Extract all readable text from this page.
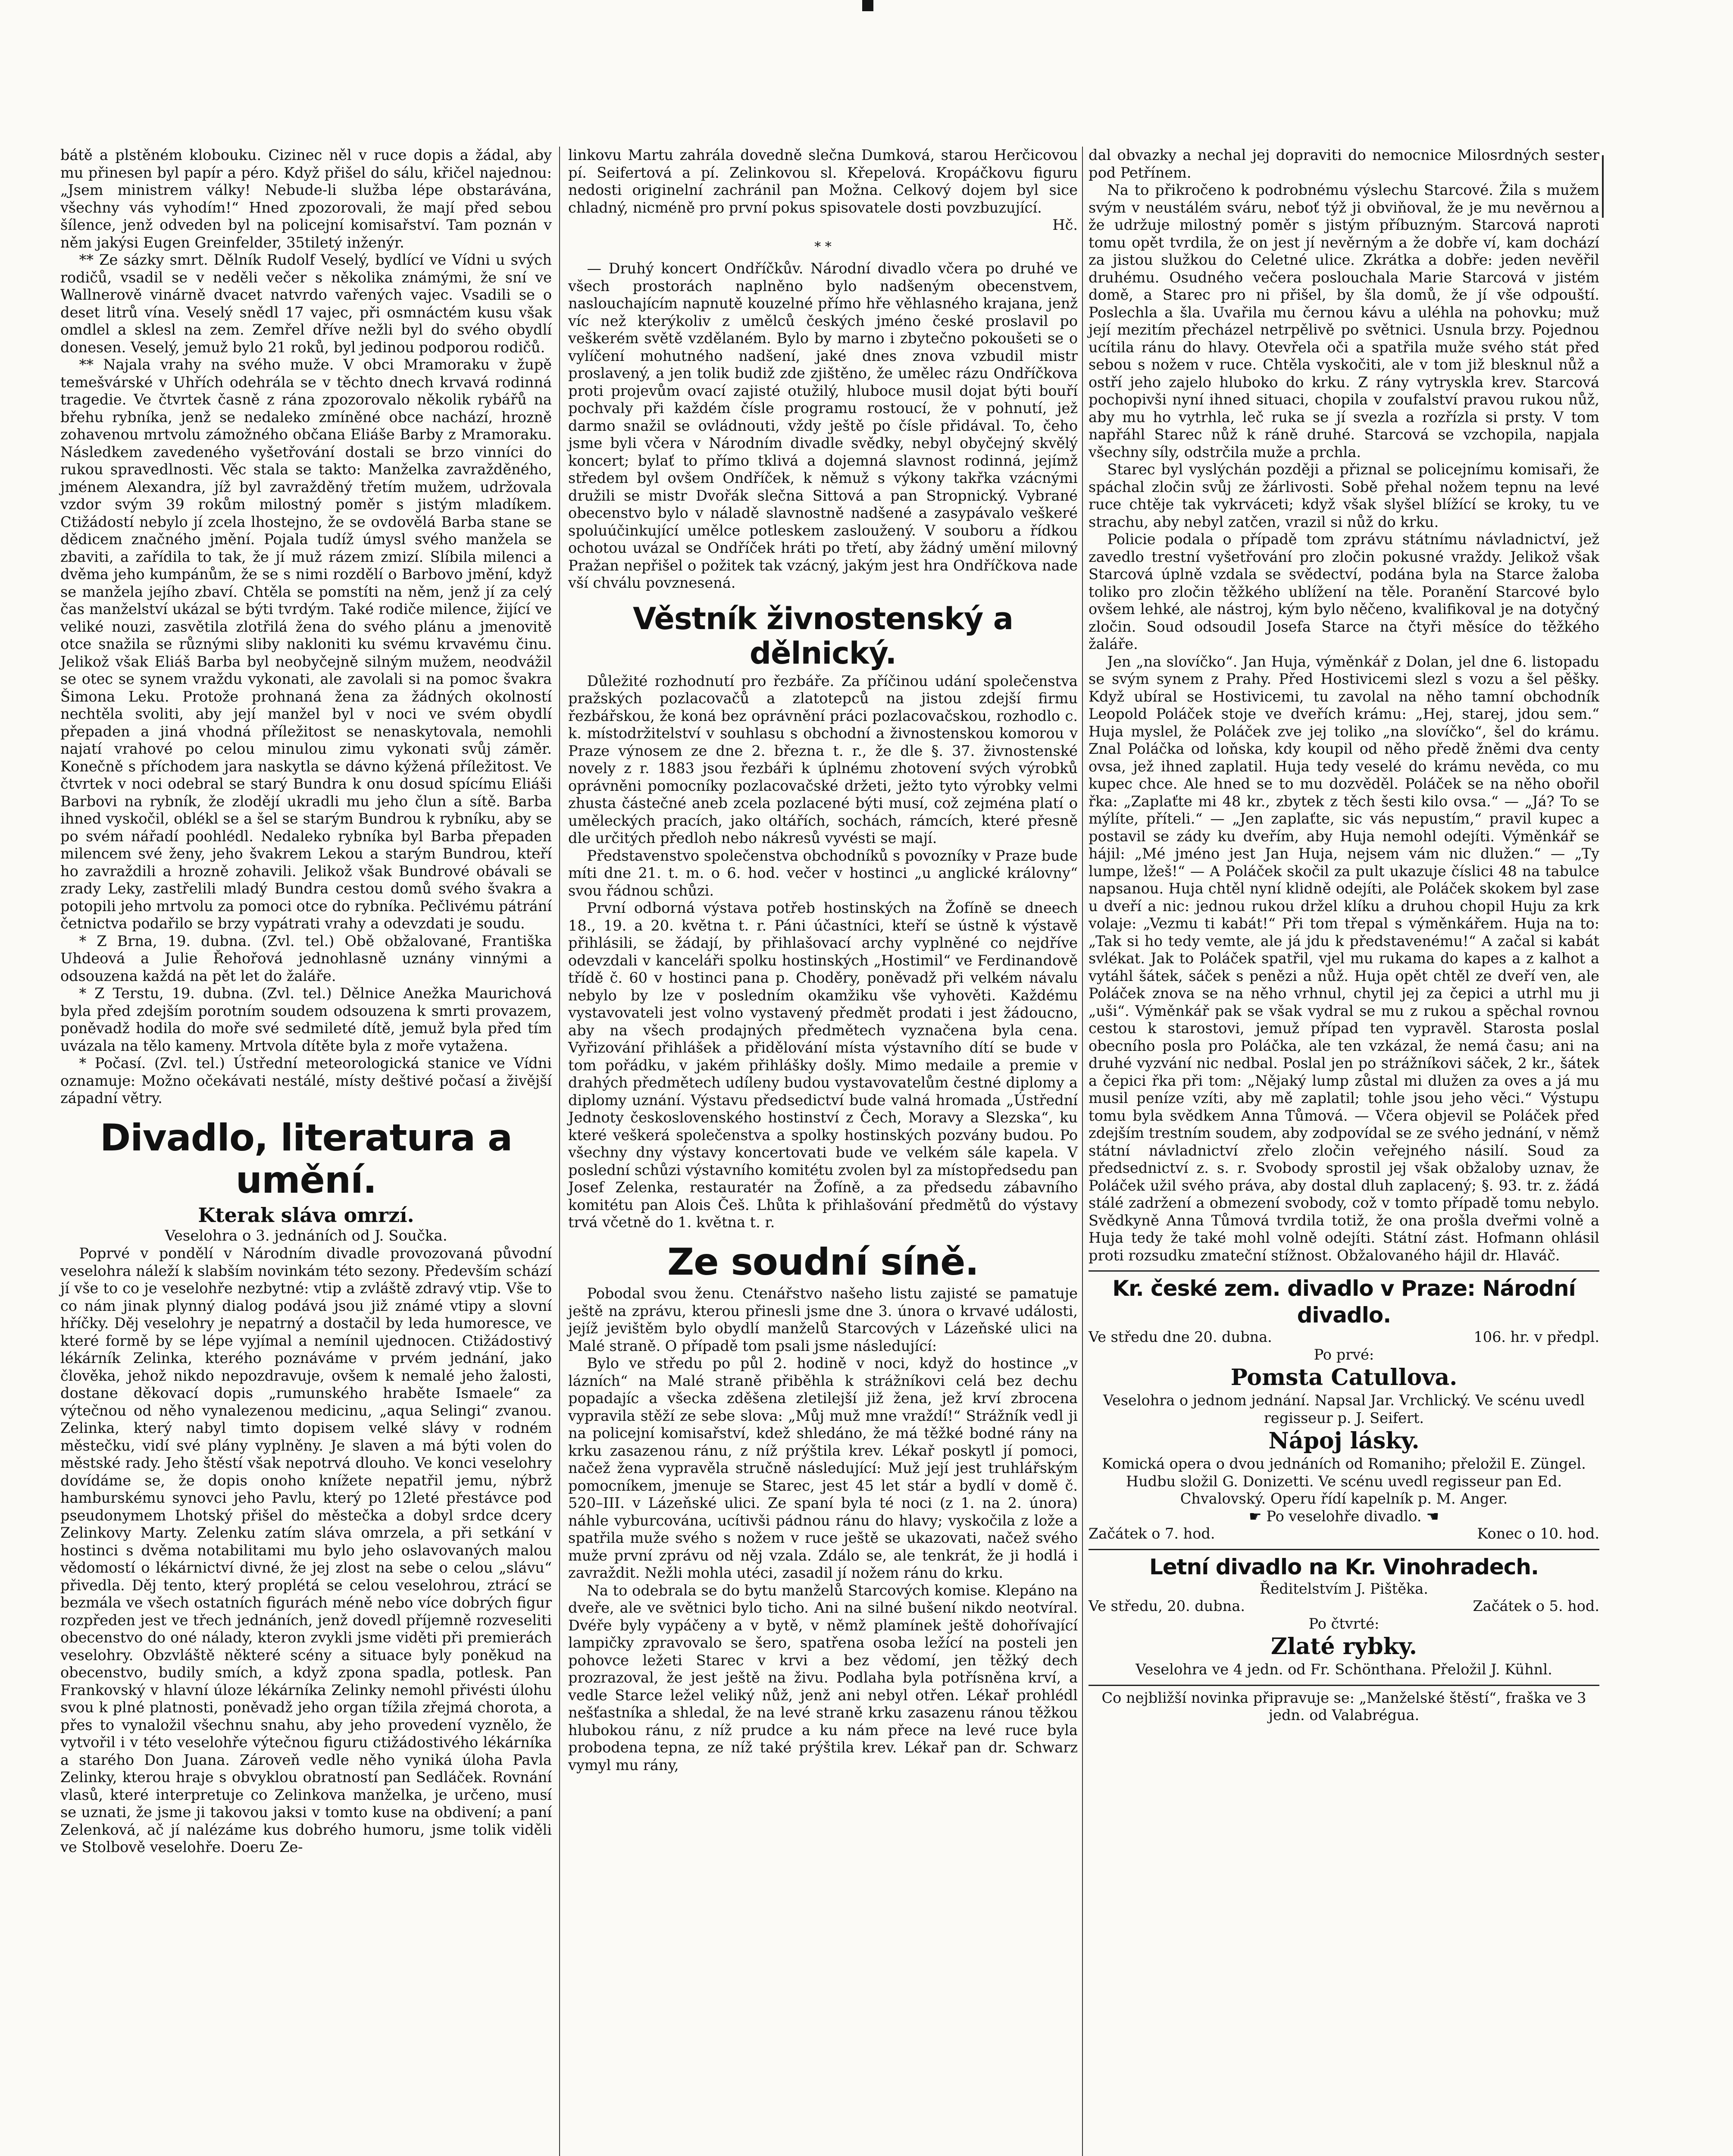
bátě a plstěném klobouku. Cizinec něl v ruce dopis a žádal, aby mu přinesen byl papír a péro. Když přišel do sálu, křičel najednou: „Jsem ministrem války! Nebude-li služba lépe obstarávána, všechny vás vyhodím!“ Hned zpozorovali, že mají před sebou šílence, jenž odveden byl na policejní komisařství. Tam poznán v něm jakýsi Eugen Greinfelder, 35tiletý inženýr.

** Ze sázky smrt. Dělník Rudolf Veselý, bydlící ve Vídni u svých rodičů, vsadil se v neděli večer s několika známými, že sní ve Wallnerově vinárně dvacet natvrdo vařených vajec. Vsadili se o deset litrů vína. Veselý snědl 17 vajec, při osmnáctém kusu však omdlel a sklesl na zem. Zemřel dříve nežli byl do svého obydlí donesen. Veselý, jemuž bylo 21 roků, byl jedinou podporou rodičů.

** Najala vrahy na svého muže. V obci Mramoraku v župě temešvárské v Uhřích odehrála se v těchto dnech krvavá rodinná tragedie. Ve čtvrtek časně z rána zpozorovalo několik rybářů na břehu rybníka, jenž se nedaleko zmíněné obce nachází, hrozně zohavenou mrtvolu zámožného občana Eliáše Barby z Mramoraku. Následkem zavedeného vyšetřování dostali se brzo vinníci do rukou spravedlnosti. Věc stala se takto: Manželka zavražděného, jménem Alexandra, jíž byl zavražděný třetím mužem, udržovala vzdor svým 39 rokům milostný poměr s jistým mladíkem. Ctižádostí nebylo jí zcela lhostejno, že se ovdovělá Barba stane se dědicem značného jmění. Pojala tudíž úmysl svého manžela se zbaviti, a zařídila to tak, že jí muž rázem zmizí. Slíbila milenci a dvěma jeho kumpánům, že se s nimi rozdělí o Barbovo jmění, když se manžela jejího zbaví. Chtěla se pomstíti na něm, jenž jí za celý čas manželství ukázal se býti tvrdým. Také rodiče milence, žijící ve veliké nouzi, zasvětila zlotřilá žena do svého plánu a jmenovitě otce snažila se různými sliby nakloniti ku svému krvavému činu. Jelikož však Eliáš Barba byl neobyčejně silným mužem, neodvážil se otec se synem vraždu vykonati, ale zavolali si na pomoc švakra Šimona Leku. Protože prohnaná žena za žádných okolností nechtěla svoliti, aby její manžel byl v noci ve svém obydlí přepaden a jiná vhodná příležitost se nenaskytovala, nemohli najatí vrahové po celou minulou zimu vykonati svůj záměr. Konečně s příchodem jara naskytla se dávno kýžená příležitost. Ve čtvrtek v noci odebral se starý Bundra k onu dosud spícímu Eliáši Barbovi na rybník, že zlodějí ukradli mu jeho člun a sítě. Barba ihned vyskočil, oblékl se a šel se starým Bundrou k rybníku, aby se po svém nářadí poohlédl. Nedaleko rybníka byl Barba přepaden milencem své ženy, jeho švakrem Lekou a starým Bundrou, kteří ho zavraždili a hrozně zohavili. Jelikož však Bundrové obávali se zrady Leky, zastřelili mladý Bundra cestou domů svého švakra a potopili jeho mrtvolu za pomoci otce do rybníka. Pečlivému pátrání četnictva podařilo se brzy vypátrati vrahy a odevzdati je soudu.

* Z Brna, 19. dubna. (Zvl. tel.) Obě obžalované, Františka Uhdeová a Julie Řehořová jednohlasně uznány vinnými a odsouzena každá na pět let do žaláře.

* Z Terstu, 19. dubna. (Zvl. tel.) Dělnice Anežka Maurichová byla před zdejším porotním soudem odsouzena k smrti provazem, poněvadž hodila do moře své sedmileté dítě, jemuž byla před tím uvázala na tělo kameny. Mrtvola dítěte byla z moře vytažena.

* Počasí. (Zvl. tel.) Ústřední meteorologická stanice ve Vídni oznamuje: Možno očekávati nestálé, místy deštivé počasí a živější západní větry.

Divadlo, literatura a umění.
Kterak sláva omrzí.
Veselohra o 3. jednáních od J. Součka.

Poprvé v pondělí v Národním divadle provozovaná původní veselohra náleží k slabším novinkám této sezony. Především schází jí vše to co je veselohře nezbytné: vtip a zvláště zdravý vtip. Vše to co nám jinak plynný dialog podává jsou již známé vtipy a slovní hříčky. Děj veselohry je nepatrný a dostačil by leda humoresce, ve které formě by se lépe vyjímal a nemínil ujednocen. Ctižádostivý lékárník Zelinka, kterého poznáváme v prvém jednání, jako člověka, jehož nikdo nepozdravuje, ovšem k nemalé jeho žalosti, dostane děkovací dopis „rumunského hraběte Ismaele“ za výtečnou od něho vynalezenou medicinu, „aqua Selingi“ zvanou. Zelinka, který nabyl timto dopisem velké slávy v rodném městečku, vidí své plány vyplněny. Je slaven a má býti volen do městské rady. Jeho štěstí však nepotrvá dlouho. Ve konci veselohry dovídáme se, že dopis onoho knížete nepatřil jemu, nýbrž hamburskému synovci jeho Pavlu, který po 12leté přestávce pod pseudonymem Lhotský přišel do městečka a dobyl srdce dcery Zelinkovy Marty. Zelenku zatím sláva omrzela, a při setkání v hostinci s dvěma notabilitami mu bylo jeho oslavovaných malou vědomostí o lékárnictví divné, že jej zlost na sebe o celou „slávu“ přivedla. Děj tento, který proplétá se celou veselohrou, ztrácí se bezmála ve všech ostatních figurách méně nebo více dobrých figur rozpředen jest ve třech jednáních, jenž dovedl příjemně rozveseliti obecenstvo do oné nálady, kteron zvykli jsme viděti při premierách veselohry. Obzvláště některé scény a situace byly poněkud na obecenstvo, budily smích, a když zpona spadla, potlesk. Pan Frankovský v hlavní úloze lékárníka Zelinky nemohl přivésti úlohu svou k plné platnosti, poněvadž jeho organ tížila zřejmá chorota, a přes to vynaložil všechnu snahu, aby jeho provedení vyznělo, že vytvořil i v této veselohře výtečnou figuru ctižádostivého lékárníka a starého Don Juana. Zároveň vedle něho vyniká úloha Pavla Zelinky, kterou hraje s obvyklou obratností pan Sedláček. Rovnání vlasů, které interpretuje co Zelinkova manželka, je určeno, musí se uznati, že jsme ji takovou jaksi v tomto kuse na obdivení; a paní Zelenková, ač jí nalézáme kus dobrého humoru, jsme tolik viděli ve Stolbově veselohře. Doeru Ze-

linkovu Martu zahrála dovedně slečna Dumková, starou Herčicovou pí. Seifertová a pí. Zelinkovou sl. Křepelová. Kropáčkovu figuru nedosti originelní zachránil pan Možna. Celkový dojem byl sice chladný, nicméně pro první pokus spisovatele dosti povzbuzující.

Hč.
* *

— Druhý koncert Ondříčkův. Národní divadlo včera po druhé ve všech prostorách naplněno bylo nadšeným obecenstvem, naslouchajícím napnutě kouzelné přímo hře věhlasného krajana, jenž víc než kterýkoliv z umělců českých jméno české proslavil po veškerém světě vzdělaném. Bylo by marno i zbytečno pokoušeti se o vylíčení mohutného nadšení, jaké dnes znova vzbudil mistr proslavený, a jen tolik budiž zde zjištěno, že umělec rázu Ondříčkova proti projevům ovací zajisté otužilý, hluboce musil dojat býti bouří pochvaly při každém čísle programu rostoucí, že v pohnutí, jež darmo snažil se ovládnouti, vždy ještě po čísle přidával. To, čeho jsme byli včera v Národním divadle svědky, nebyl obyčejný skvělý koncert; bylať to přímo tklivá a dojemná slavnost rodinná, jejímž středem byl ovšem Ondříček, k němuž s výkony takřka vzácnými družili se mistr Dvořák slečna Sittová a pan Stropnický. Vybrané obecenstvo bylo v náladě slavnostně nadšené a zasypávalo veškeré spoluúčinkující umělce potleskem zasloužený. V souboru a řídkou ochotou uvázal se Ondříček hráti po třetí, aby žádný umění milovný Pražan nepřišel o požitek tak vzácný, jakým jest hra Ondříčkova nade vší chválu povznesená.

Věstník živnostenský a dělnický.

Důležité rozhodnutí pro řezbáře. Za příčinou udání společenstva pražských pozlacovačů a zlatotepců na jistou zdejší firmu řezbářskou, že koná bez oprávnění práci pozlacovačskou, rozhodlo c. k. místodržitelství v souhlasu s obchodní a živnostenskou komorou v Praze výnosem ze dne 2. března t. r., že dle §. 37. živnostenské novely z r. 1883 jsou řezbáři k úplnému zhotovení svých výrobků oprávněni pomocníky pozlacovačské držeti, ježto tyto výrobky velmi zhusta částečné aneb zcela pozlacené býti musí, což zejména platí o uměleckých pracích, jako oltářích, sochách, rámcích, které přesně dle určitých předloh nebo nákresů vyvésti se mají.

Představenstvo společenstva obchodníků s povozníky v Praze bude míti dne 21. t. m. o 6. hod. večer v hostinci „u anglické královny“ svou řádnou schůzi.

První odborná výstava potřeb hostinských na Žofíně se dneech 18., 19. a 20. května t. r. Páni účastníci, kteří se ústně k výstavě přihlásili, se žádají, by přihlašovací archy vyplněné co nejdříve odevzdali v kanceláři spolku hostinských „Hostimil“ ve Ferdinandově třídě č. 60 v hostinci pana p. Choděry, poněvadž při velkém návalu nebylo by lze v posledním okamžiku vše vyhověti. Každému vystavovateli jest volno vystavený předmět prodati i jest žádoucno, aby na všech prodajných předmětech vyznačena byla cena. Vyřizování přihlášek a přidělování místa výstavního dítí se bude v tom pořádku, v jakém přihlášky došly. Mimo medaile a premie v drahých předmětech udíleny budou vystavovatelům čestné diplomy a diplomy uznání. Výstavu předsedictví bude valná hromada „Ústřední Jednoty československého hostinství z Čech, Moravy a Slezska“, ku které veškerá společenstva a spolky hostinských pozvány budou. Po všechny dny výstavy koncertovati bude ve velkém sále kapela. V poslední schůzi výstavního komitétu zvolen byl za místopředsedu pan Josef Zelenka, restauratér na Žofíně, a za předsedu zábavního komitétu pan Alois Češ. Lhůta k přihlašování předmětů do výstavy trvá včetně do 1. května t. r.

Ze soudní síně.

Pobodal svou ženu. Ctenářstvo našeho listu zajisté se pamatuje ještě na zprávu, kterou přinesli jsme dne 3. února o krvavé události, jejíž jevištěm bylo obydlí manželů Starcových v Lázeňské ulici na Malé straně. O případě tom psali jsme následující:

Bylo ve středu po půl 2. hodině v noci, když do hostince „v lázních“ na Malé straně přiběhla k strážníkovi celá bez dechu popadajíc a všecka zděšena zletilejší již žena, jež krví zbrocena vypravila stěží ze sebe slova: „Můj muž mne vraždí!“ Strážník vedl ji na policejní komisařství, kdež shledáno, že má těžké bodné rány na krku zasazenou ránu, z níž prýštila krev. Lékař poskytl jí pomoci, načež žena vypravěla stručně následující: Muž její jest truhlářským pomocníkem, jmenuje se Stareс, jest 45 let stár a bydlí v domě č. 520–III. v Lázeňské ulici. Ze spaní byla té noci (z 1. na 2. února) náhle vyburcována, ucítivši pádnou ránu do hlavy; vyskočila z lože a spatřila muže svého s nožem v ruce ještě se ukazovati, načež svého muže první zprávu od něj vzala. Zdálo se, ale tenkrát, že ji hodlá i zavraždit. Nežli mohla utéci, zasadil jí nožem ránu do krku.

Na to odebrala se do bytu manželů Starcových komise. Klepáno na dveře, ale ve světnici bylo ticho. Ani na silné bušení nikdo neotvíral. Dvéře byly vypáčeny a v bytě, v němž plamínek ještě dohořívající lampičky zpravovalo se šero, spatřena osobа ležící na posteli jen pohovce ležeti Starec v krvi a bez vědomí, jen těžký dech prozrazoval, že jest ještě na živu. Podlaha byla potřísněna krví, a vedle Starce ležel veliký nůž, jenž ani nebyl otřen. Lékař prohlédl nešťastníka a shledal, že na levé straně krku zasazenu ránou těžkou hlubokou ránu, z níž prudce a ku nám přece na levé ruce byla probodena tepna, ze níž také prýštila krev. Lékař pan dr. Schwarz vymyl mu rány,

dal obvazky a nechal jej dopraviti do nemocnice Milosrdných sester pod Petřínem.

Na to přikročeno k podrobnému výslechu Starcové. Žila s mužem svým v neustálém sváru, neboť týž ji obviňoval, že je mu nevěrnou a že udržuje milostný poměr s jistým příbuzným. Starcová naproti tomu opět tvrdila, že on jest jí nevěrným a že dobře ví, kam dochází za jistou služkou do Celetné ulice. Zkrátka a dobře: jeden nevěřil druhému. Osudného večera poslouchala Marie Starcová v jistém domě, a Starec pro ni přišel, by šla domů, že jí vše odpouští. Poslechla a šla. Uvařila mu černou kávu a uléhla na pohovku; muž její mezitím přecházel netrpělivě po světnici. Usnula brzy. Pojednou ucítila ránu do hlavy. Otevřela oči a spatřila muže svého stát před sebou s nožem v ruce. Chtěla vyskočiti, ale v tom již blesknul nůž a ostří jeho zajelo hluboko do krku. Z rány vytryskla krev. Starcová pochopivši nyní ihned situaci, chopila v zoufalství pravou rukou nůž, aby mu ho vytrhla, leč ruka se jí svezla a rozřízla si prsty. V tom napřáhl Starec nůž k ráně druhé. Starcová se vzchopila, napjala všechny síly, odstrčila muže a prchla.

Starec byl vyslýchán později a přiznal se policejnímu komisaři, že spáchal zločin svůj ze žárlivosti. Sobě přehal nožem tepnu na levé ruce chtěje tak vykrváceti; když však slyšel blížící se kroky, tu ve strachu, aby nebyl zatčen, vrazil si nůž do krku.

Policie podala o případě tom zprávu státnímu návladnictví, jež zavedlo trestní vyšetřování pro zločin pokusné vraždy. Jelikož však Starcová úplně vzdala se svědectví, podána byla na Starce žaloba toliko pro zločin těžkého ublížení na těle. Poranění Starcové bylo ovšem lehké, ale nástroj, kým bylo něčeno, kvalifikoval je na dotyčný zločin. Soud odsoudil Josefa Starce na čtyři měsíce do těžkého žaláře.

Jen „na slovíčko“. Jan Huja, výměnkář z Dolan, jel dne 6. listopadu se svým synem z Prahy. Před Hostivicemi slezl s vozu a šel pěšky. Když ubíral se Hostivicemi, tu zavolal na něho tamní obchodník Leopold Poláček stoje ve dveřích krámu: „Hej, starej, jdou sem.“ Huja myslel, že Poláček zve jej toliko „na slovíčko“, šel do krámu. Znal Poláčka od loňska, kdy koupil od něho předě žněmi dva centy ovsa, jež ihned zaplatil. Huja tedy veselé do krámu nevěda, co mu kupec chce. Ale hned se to mu dozvěděl. Poláček se na něho obořil řka: „Zaplaťte mi 48 kr., zbytek z těch šesti kilo ovsa.“ — „Já? To se mýlíte, příteli.“ — „Jen zaplaťte, sic vás nepustím,“ pravil kupec a postavil se zády ku dveřím, aby Huja nemohl odejíti. Výměnkář se hájil: „Mé jméno jest Jan Huja, nejsem vám nic dlužen.“ — „Ty lumpe, lžeš!“ — A Poláček skočil za pult ukazuje číslici 48 na tabulce napsanou. Huja chtěl nyní klidně odejíti, ale Poláček skokem byl zase u dveří a nic: jednou rukou držel klíku a druhou chopil Huju za krk volaje: „Vezmu ti kabát!“ Při tom třepal s výměnkářem. Huja na to: „Tak si ho tedy vemte, ale já jdu k představenému!“ A začal si kabát svlékat. Jak to Poláček spatřil, vjel mu rukama do kapes a z kalhot a vytáhl šátek, sáček s penězi a nůž. Huja opět chtěl ze dveří ven, ale Poláček znova se na něho vrhnul, chytil jej za čepici a utrhl mu ji „uši“. Výměnkář pak se však vydral se mu z rukou a spěchal rovnou cestou k starostovi, jemuž případ ten vypravěl. Starosta poslal obecního posla pro Poláčka, ale ten vzkázal, že nemá času; ani na druhé vyzvání nic nedbal. Poslal jen po strážníkovi sáček, 2 kr., šátek a čepici řka při tom: „Nějaký lump zůstal mi dlužen za oves a já mu musil peníze vzíti, aby mě zaplatil; tohle jsou jeho věci.“ Výstupu tomu byla svědkem Anna Tůmová. — Včera objevil se Poláček před zdejším trestním soudem, aby zodpovídal se ze svého jednání, v němž státní návladnictví zřelo zločin veřejného násilí. Soud za předsednictví z. s. r. Svobody sprostil jej však obžaloby uznav, že Poláček užil svého práva, aby dostal dluh zaplacený; §. 93. tr. z. žádá stálé zadržení a obmezení svobody, což v tomto případě tomu nebylo. Svědkyně Anna Tůmová tvrdila totiž, že ona prošla dveřmi volně a Huja tedy že také mohl volně odejíti. Státní zást. Hofmann ohlásil proti rozsudku zmateční stížnost. Obžalovaného hájil dr. Hlaváč.

Kr. české zem. divadlo v Praze: Národní divadlo.
Ve středu dne 20. dubna.	106. hr. v předpl.
Po prvé:
Pomsta Catullova.
Veselohra o jednom jednání. Napsal Jar. Vrchlický. Ve scénu uvedl regisseur p. J. Seifert.
Nápoj lásky.
Komická opera o dvou jednáních od Romaniho; přeložil E. Züngel. Hudbu složil G. Donizetti. Ve scénu uvedl regisseur pan Ed. Chvalovský. Operu řídí kapelník p. M. Anger.
☛ Po veselohře divadlo. ☚
Začátek o 7. hod.	Konec o 10. hod.
Letní divadlo na Kr. Vinohradech.
Ředitelstvím J. Pištěka.
Ve středu, 20. dubna.	Začátek o 5. hod.
Po čtvrté:
Zlaté rybky.
Veselohra ve 4 jedn. od Fr. Schönthana. Přeložil J. Kühnl.
Co nejbližší novinka připravuje se: „Manželské štěstí“, fraška ve 3 jedn. od Valabrégua.
